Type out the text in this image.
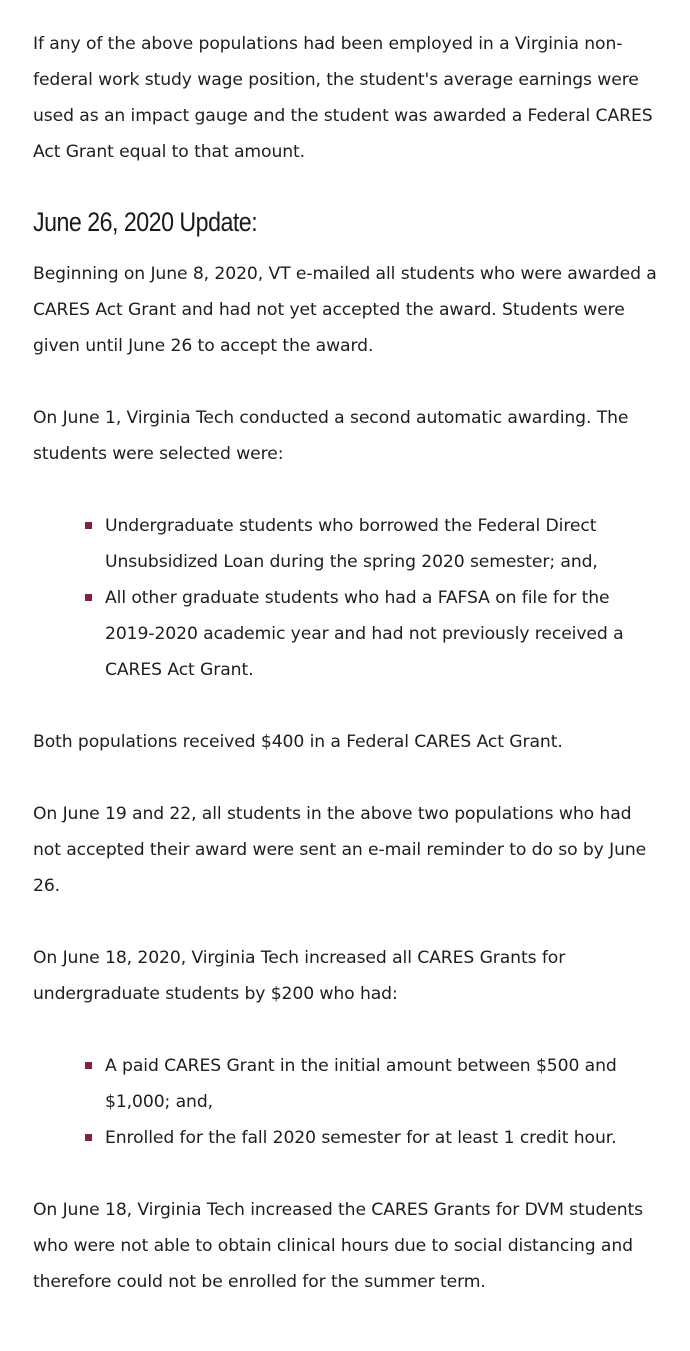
If any of the above populations had been employed in a Virginia non-federal work study wage position, the student's average earnings were used as an impact gauge and the student was awarded a Federal CARES Act Grant equal to that amount.

June 26, 2020 Update:

Beginning on June 8, 2020, VT e-mailed all students who were awarded a CARES Act Grant and had not yet accepted the award. Students were given until June 26 to accept the award.

On June 1, Virginia Tech conducted a second automatic awarding. The students were selected were:

Undergraduate students who borrowed the Federal Direct Unsubsidized Loan during the spring 2020 semester; and,
All other graduate students who had a FAFSA on file for the 2019-2020 academic year and had not previously received a CARES Act Grant.

Both populations received $400 in a Federal CARES Act Grant.

On June 19 and 22, all students in the above two populations who had not accepted their award were sent an e-mail reminder to do so by June 26.

On June 18, 2020, Virginia Tech increased all CARES Grants for undergraduate students by $200 who had:

A paid CARES Grant in the initial amount between $500 and $1,000; and,
Enrolled for the fall 2020 semester for at least 1 credit hour.

On June 18, Virginia Tech increased the CARES Grants for DVM students who were not able to obtain clinical hours due to social distancing and therefore could not be enrolled for the summer term.
